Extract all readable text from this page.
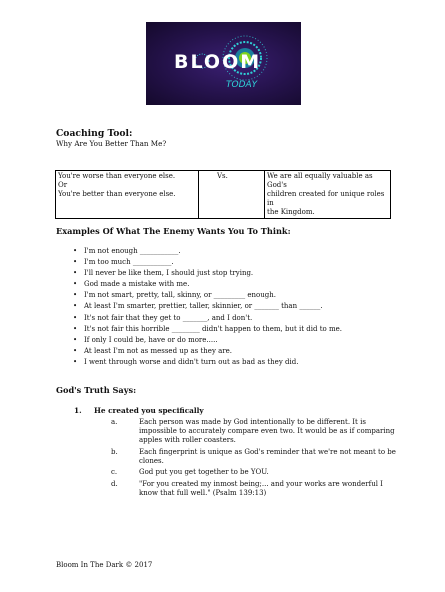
BLOOM
TODAY
Coaching Tool:
Why Are You Better Than Me?
You're worse than everyone else.
Or
You're better than everyone else.
	Vs.	We are all equally valuable as God's
children created for unique roles in
the Kingdom.
Examples Of What The Enemy Wants You To Think:
• I'm not enough ___________.
• I'm too much ___________.
• I'll never be like them, I should just stop trying.
• God made a mistake with me.
• I'm not smart, pretty, tall, skinny, or _________ enough.
• At least I'm smarter, prettier, taller, skinnier, or _______ than ______.
• It's not fair that they get to _______, and I don't.
• It's not fair this horrible ________ didn't happen to them, but it did to me.
• If only I could be, have or do more.....
• At least I'm not as messed up as they are.
• I went through worse and didn't turn out as bad as they did.
God's Truth Says:
1. He created you specifically
a.	Each person was made by God intentionally to be different. It is impossible to accurately compare even two. It would be as if comparing apples with roller coasters.
b.	Each fingerprint is unique as God's reminder that we're not meant to be clones.
c.	God put you get together to be YOU.
d.	"For you created my inmost being;... and your works are wonderful I know that full well." (Psalm 139:13)
Bloom In The Dark © 2017
